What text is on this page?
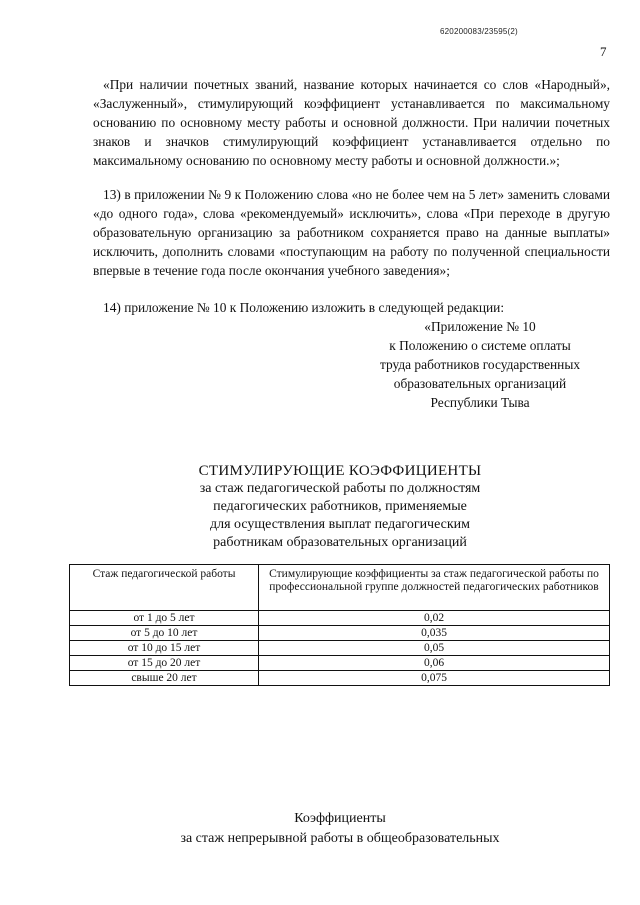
620200083/23595(2)
7

«При наличии почетных званий, название которых начинается со слов «Народный», «Заслуженный», стимулирующий коэффициент устанавливается по максимальному основанию по основному месту работы и основной должности. При наличии почетных знаков и значков стимулирующий коэффициент устанавливается отдельно по максимальному основанию по основному месту работы и основной должности.»;

13) в приложении № 9 к Положению слова «но не более чем на 5 лет» заменить словами «до одного года», слова «рекомендуемый» исключить», слова «При переходе в другую образовательную организацию за работником сохраняется право на данные выплаты» исключить, дополнить словами «поступающим на работу по полученной специальности впервые в течение года после окончания учебного заведения»;

14) приложение № 10 к Положению изложить в следующей редакции:

«Приложение № 10
к Положению о системе оплаты
труда работников государственных
образовательных организаций
Республики Тыва
СТИМУЛИРУЮЩИЕ КОЭФФИЦИЕНТЫ
за стаж педагогической работы по должностям
педагогических работников, применяемые
для осуществления выплат педагогическим
работникам образовательных организаций
Стаж педагогической работы	Стимулирующие коэффициенты за стаж педагогической работы по профессиональной группе должностей педагогических работников
от 1 до 5 лет	0,02
от 5 до 10 лет	0,035
от 10 до 15 лет	0,05
от 15 до 20 лет	0,06
свыше 20 лет	0,075
Коэффициенты
за стаж непрерывной работы в общеобразовательных
